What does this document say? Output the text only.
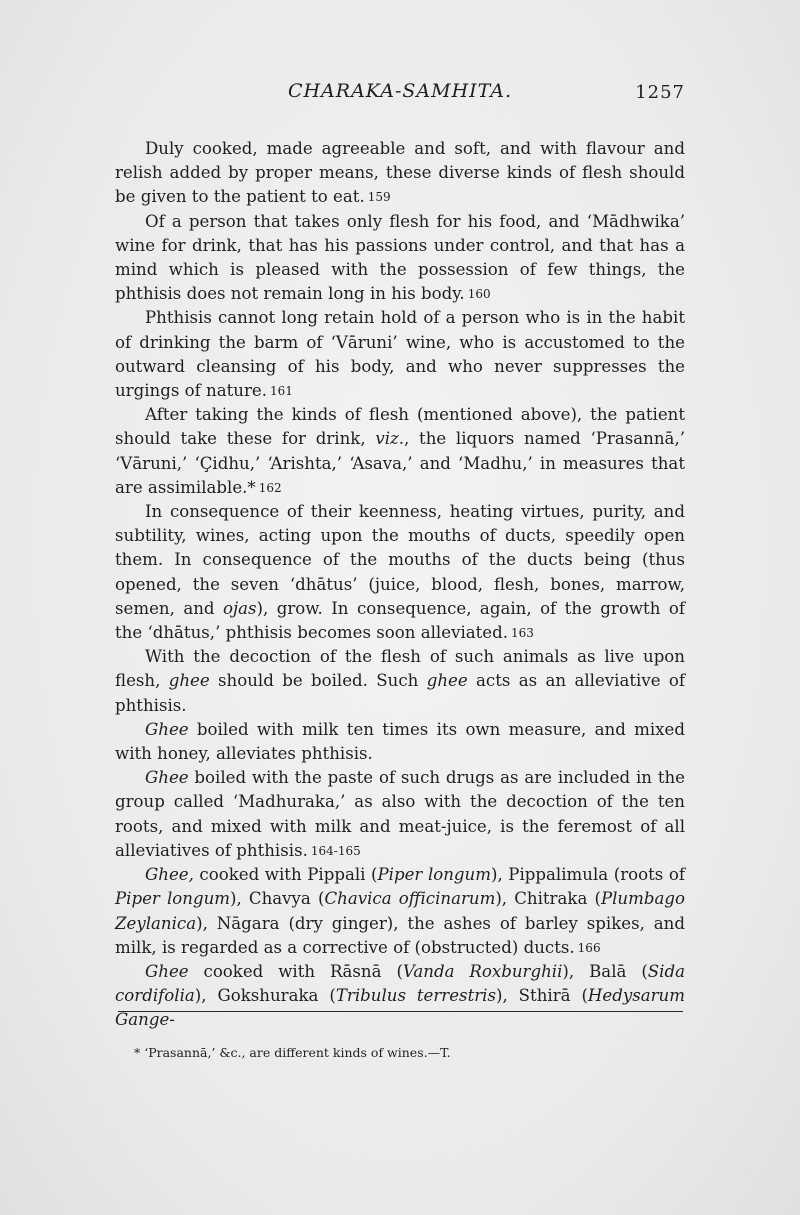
CHARAKA-SAMHITA.	1257

Duly cooked, made agreeable and soft, and with flavour and relish added by proper means, these diverse kinds of flesh should be given to the patient to eat. 159

Of a person that takes only flesh for his food, and ‘Mādhwika’ wine for drink, that has his passions under control, and that has a mind which is pleased with the possession of few things, the phthisis does not remain long in his body. 160

Phthisis cannot long retain hold of a person who is in the habit of drinking the barm of ‘Vāruni’ wine, who is accustomed to the outward cleansing of his body, and who never suppresses the urgings of nature. 161

After taking the kinds of flesh (mentioned above), the patient should take these for drink, viz., the liquors named ‘Prasannā,’ ‘Vāruni,’ ‘Çidhu,’ ‘Arishta,’ ‘Asava,’ and ‘Madhu,’ in measures that are assimilable.* 162

In consequence of their keenness, heating virtues, purity, and subtility, wines, acting upon the mouths of ducts, speedily open them. In consequence of the mouths of the ducts being (thus opened, the seven ‘dhātus’ (juice, blood, flesh, bones, marrow, semen, and ojas), grow. In consequence, again, of the growth of the ‘dhātus,’ phthisis becomes soon alleviated. 163

With the decoction of the flesh of such animals as live upon flesh, ghee should be boiled. Such ghee acts as an alleviative of phthisis.

Ghee boiled with milk ten times its own measure, and mixed with honey, alleviates phthisis.

Ghee boiled with the paste of such drugs as are included in the group called ‘Madhuraka,’ as also with the decoction of the ten roots, and mixed with milk and meat-juice, is the feremost of all alleviatives of phthisis. 164-165

Ghee, cooked with Pippali (Piper longum), Pippalimula (roots of Piper longum), Chavya (Chavica officinarum), Chitraka (Plumbago Zeylanica), Nāgara (dry ginger), the ashes of barley spikes, and milk, is regarded as a corrective of (obstructed) ducts. 166

Ghee cooked with Rāsnā (Vanda Roxburghii), Balā (Sida cordifolia), Gokshuraka (Tribulus terrestris), Sthirā (Hedysarum Gange-

* ‘Prasannā,’ &c., are different kinds of wines.—T.
